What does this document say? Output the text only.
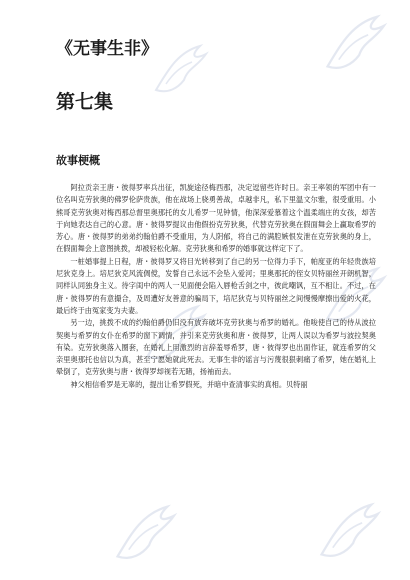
《无事生非》
第七集
故事梗概

阿拉贡亲王唐・彼得罗率兵出征，凯旋途径梅西那，决定逗留些许时日。亲王率领的军团中有一位名叫克劳狄奥的佛罗伦萨贵族，他在战场上骁勇善战，卓越非凡，私下里温文尔雅，很受重用。小熊哥克劳狄奥对梅西那总督里奥那托的女儿希罗一见钟情，他深深爱慕着这个温柔端庄的女孩，却苦于向她表达自己的心意。唐・彼得罗提议由他假扮克劳狄奥，代替克劳狄奥在假面舞会上赢取希罗的芳心。唐・彼得罗的弟弟约翰伯爵不受重用，为人阴郁，将自己的满腔嫉恨发泄在克劳狄奥的身上，在假面舞会上意图挑拨，却被轻松化解。克劳狄奥和希罗的婚事就这样定下了。

一桩婚事提上日程，唐・彼得罗又将目光转移到了自己的另一位得力手下，帕度亚的年轻贵族培尼狄克身上。培尼狄克风流倜傥，发誓自己永远不会坠入爱河；里奥那托的侄女贝特丽丝开朗机智，同样认同独身主义。待字闺中的两人一见面便会陷入唇枪舌剑之中，彼此嘲讽，互不相让。不过，在唐・彼得罗的有意撮合，及周遭好友善意的骗局下，培尼狄克与贝特丽丝之间慢慢摩擦出爱的火花，最后终于由冤家变为夫妻。

另一边，挑拨不成的约翰伯爵仍旧没有放弃破坏克劳狄奥与希罗的婚礼。他唆使自己的侍从波拉契奥与希罗的女仆在希罗的窗下调情，并引来克劳狄奥和唐・彼得罗，让两人误以为希罗与波拉契奥有染。克劳狄奥落入圈套，在婚礼上用激烈的言辞羞辱希罗，唐・彼得罗也出面作证，就连希罗的父亲里奥那托也信以为真，甚至宁愿她就此死去。无事生非的谣言与污蔑很狠刺痛了希罗，她在婚礼上晕倒了，克劳狄奥与唐・彼得罗却视若无睹，扬袖而去。

神父相信希罗是无辜的，提出让希罗假死，并暗中查清事实的真相。贝特丽
